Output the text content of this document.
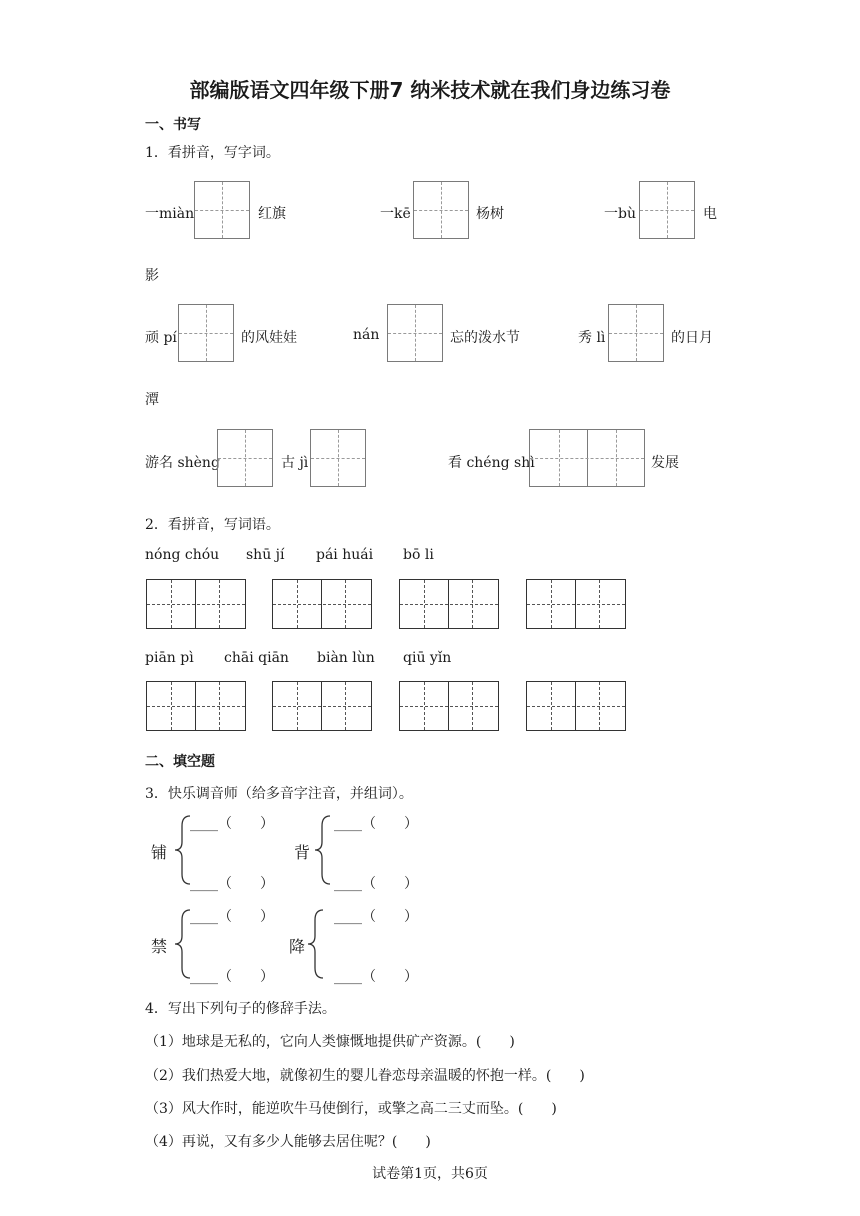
部编版语文四年级下册7 纳米技术就在我们身边练习卷
一、书写
1．看拼音，写字词。
一miàn	红旗	一kē	杨树	一bù	电
影
顽 pí	的风娃娃	nán	忘的泼水节	秀 lì	的日月
潭
游名 shèng	古 jì	看 chéng shì	发展
2．看拼音，写词语。
nóng chóu shū jí pái huái bō li
piān pì chāi qiān biàn lùn qiū yǐn
二、填空题
3．快乐调音师（给多音字注音，并组词）。
铺	背
禁	降
____（　　）
____（　　）
____（　　）
____（　　）
____（　　）
____（　　）
____（　　）
____（　　）
4．写出下列句子的修辞手法。
（1）地球是无私的，它向人类慷慨地提供矿产资源。(　　)
（2）我们热爱大地，就像初生的婴儿眷恋母亲温暖的怀抱一样。(　　)
（3）风大作时，能逆吹牛马使倒行，或擎之高二三丈而坠。(　　)
（4）再说，又有多少人能够去居住呢？(　　)
试卷第1页，共6页
